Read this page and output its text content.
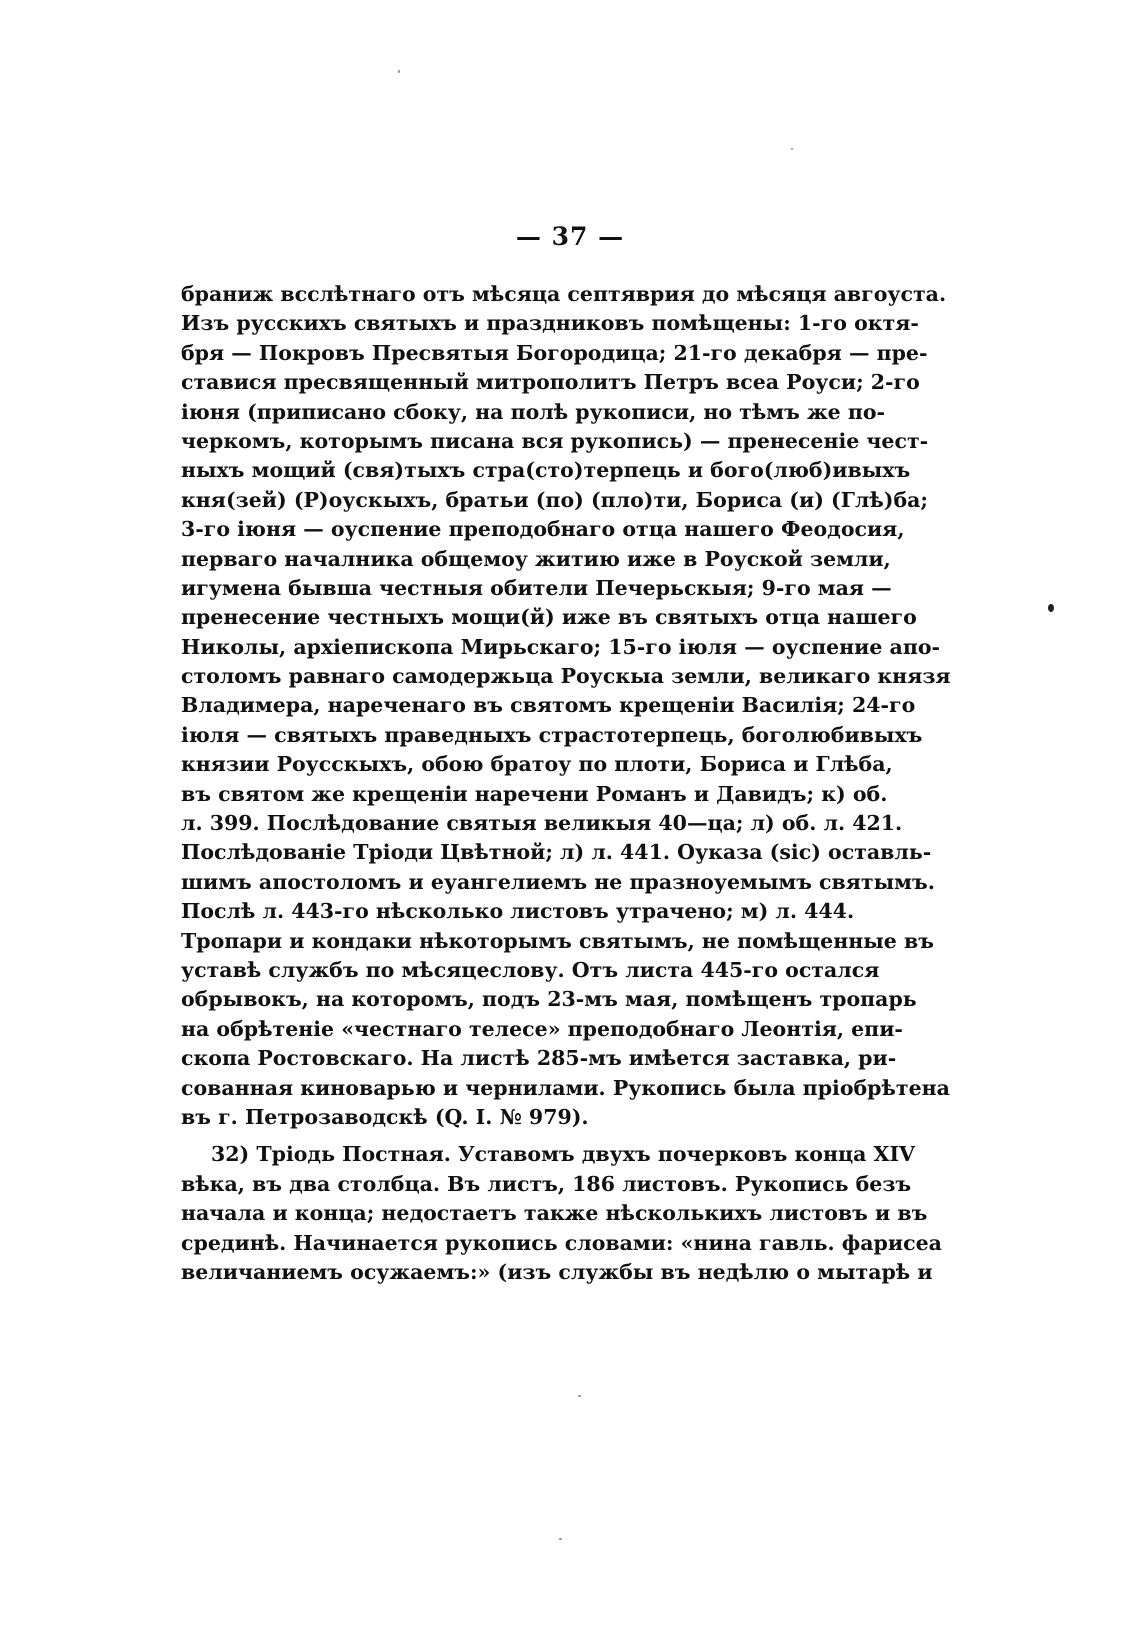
— 37 —
браниж всслѣтнаго отъ мѣсяца септяврия до мѣсяця авгоуста.
Изъ русскихъ святыхъ и праздниковъ помѣщены: 1-го октя-
бря — Покровъ Пресвятыя Богородица; 21-го декабря — пре-
ставися пресвященный митрополитъ Петръ всеа Роуси; 2-го
іюня (приписано сбоку, на полѣ рукописи, но тѣмъ же по-
черкомъ, которымъ писана вся рукопись) — пренесеніе чест-
ныхъ мощий (свя)тыхъ стра(сто)терпець и бого(люб)ивыхъ
кня(зей) (Р)оускыхъ, братьи (по) (пло)ти, Бориса (и) (Глѣ)ба;
3-го іюня — оуспение преподобнаго отца нашего Феодосия,
перваго началника общемоу житию иже в Роуской земли,
игумена бывша честныя обители Печерьскыя; 9-го мая —
пренесение честныхъ мощи(й) иже въ святыхъ отца нашего
Николы, архіепископа Мирьскаго; 15-го іюля — оуспение апо-
столомъ равнаго самодержьца Роускыа земли, великаго князя
Владимера, нареченаго въ святомъ крещеніи Василія; 24-го
іюля — святыхъ праведныхъ страстотерпець, боголюбивыхъ
князии Роусскыхъ, обою братоу по плоти, Бориса и Глѣба,
въ святом же крещеніи наречени Романъ и Давидъ; к) об.
л. 399. Послѣдование святыя великыя 40—ца; л) об. л. 421.
Послѣдованіе Тріоди Цвѣтной; л) л. 441. Оуказа (sic) оставль-
шимъ апостоломъ и еуангелиемъ не празноуемымъ святымъ.
Послѣ л. 443-го нѣсколько листовъ утрачено; м) л. 444.
Тропари и кондаки нѣкоторымъ святымъ, не помѣщенные въ
уставѣ службъ по мѣсяцеслову. Отъ листа 445-го остался
обрывокъ, на которомъ, подъ 23-мъ мая, помѣщенъ тропарь
на обрѣтеніе «честнаго телесе» преподобнаго Леонтія, епи-
скопа Ростовскаго. На листѣ 285-мъ имѣется заставка, ри-
сованная киноварью и чернилами. Рукопись была пріобрѣтена
въ г. Петрозаводскѣ (Q. I. № 979).
32) Тріодь Постная. Уставомъ двухъ почерковъ конца XIV
вѣка, въ два столбца. Въ листъ, 186 листовъ. Рукопись безъ
начала и конца; недостаетъ также нѣсколькихъ листовъ и въ
срединѣ. Начинается рукопись словами: «нина гавль. фарисеа
величаниемъ осужаемъ:» (изъ службы въ недѣлю о мытарѣ и
